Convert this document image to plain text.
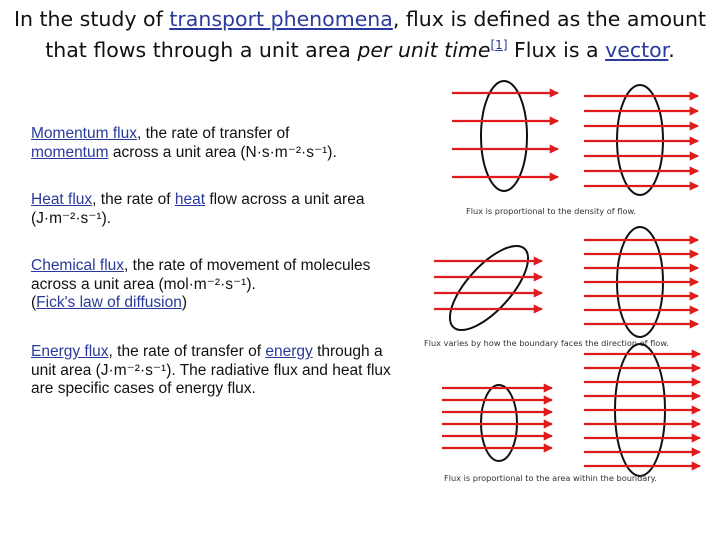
In the study of transport phenomena, flux is defined as the amount
that flows through a unit area per unit time[1] Flux is a vector.

Momentum flux, the rate of transfer of
momentum across a unit area (N·s·m⁻²·s⁻¹).

Heat flux, the rate of heat flow across a unit area (J·m⁻²·s⁻¹).

Chemical flux, the rate of movement of molecules across a unit area (mol·m⁻²·s⁻¹).
(Fick's law of diffusion)

Energy flux, the rate of transfer of energy through a unit area (J·m⁻²·s⁻¹). The radiative flux and heat flux are specific cases of energy flux.

Flux is proportional to the density of flow.
Flux varies by how the boundary faces the direction of flow.
Flux is proportional to the area within the boundary.
